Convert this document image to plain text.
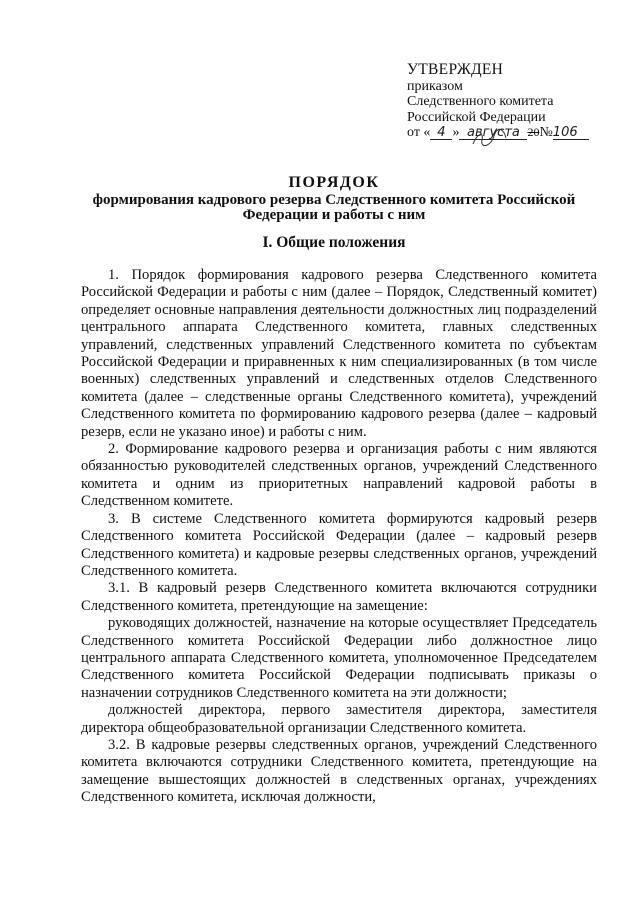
УТВЕРЖДЕН
приказом
Следственного комитета
Российской Федерации
от « 4 » августа 20№106
ПОРЯДОК
формирования кадрового резерва Следственного комитета Российской
Федерации и работы с ним
I. Общие положения

1. Порядок формирования кадрового резерва Следственного комитета Российской Федерации и работы с ним (далее – Порядок, Следственный комитет) определяет основные направления деятельности должностных лиц подразделений центрального аппарата Следственного комитета, главных следственных управлений, следственных управлений Следственного комитета по субъектам Российской Федерации и приравненных к ним специализированных (в том числе военных) следственных управлений и следственных отделов Следственного комитета (далее – следственные органы Следственного комитета), учреждений Следственного комитета по формированию кадрового резерва (далее – кадровый резерв, если не указано иное) и работы с ним.

2. Формирование кадрового резерва и организация работы с ним являются обязанностью руководителей следственных органов, учреждений Следственного комитета и одним из приоритетных направлений кадровой работы в Следственном комитете.

3. В системе Следственного комитета формируются кадровый резерв Следственного комитета Российской Федерации (далее – кадровый резерв Следственного комитета) и кадровые резервы следственных органов, учреждений Следственного комитета.

3.1. В кадровый резерв Следственного комитета включаются сотрудники Следственного комитета, претендующие на замещение:

руководящих должностей, назначение на которые осуществляет Председатель Следственного комитета Российской Федерации либо должностное лицо центрального аппарата Следственного комитета, уполномоченное Председателем Следственного комитета Российской Федерации подписывать приказы о назначении сотрудников Следственного комитета на эти должности;

должностей директора, первого заместителя директора, заместителя директора общеобразовательной организации Следственного комитета.

3.2. В кадровые резервы следственных органов, учреждений Следственного комитета включаются сотрудники Следственного комитета, претендующие на замещение вышестоящих должностей в следственных органах, учреждениях Следственного комитета, исключая должности,
